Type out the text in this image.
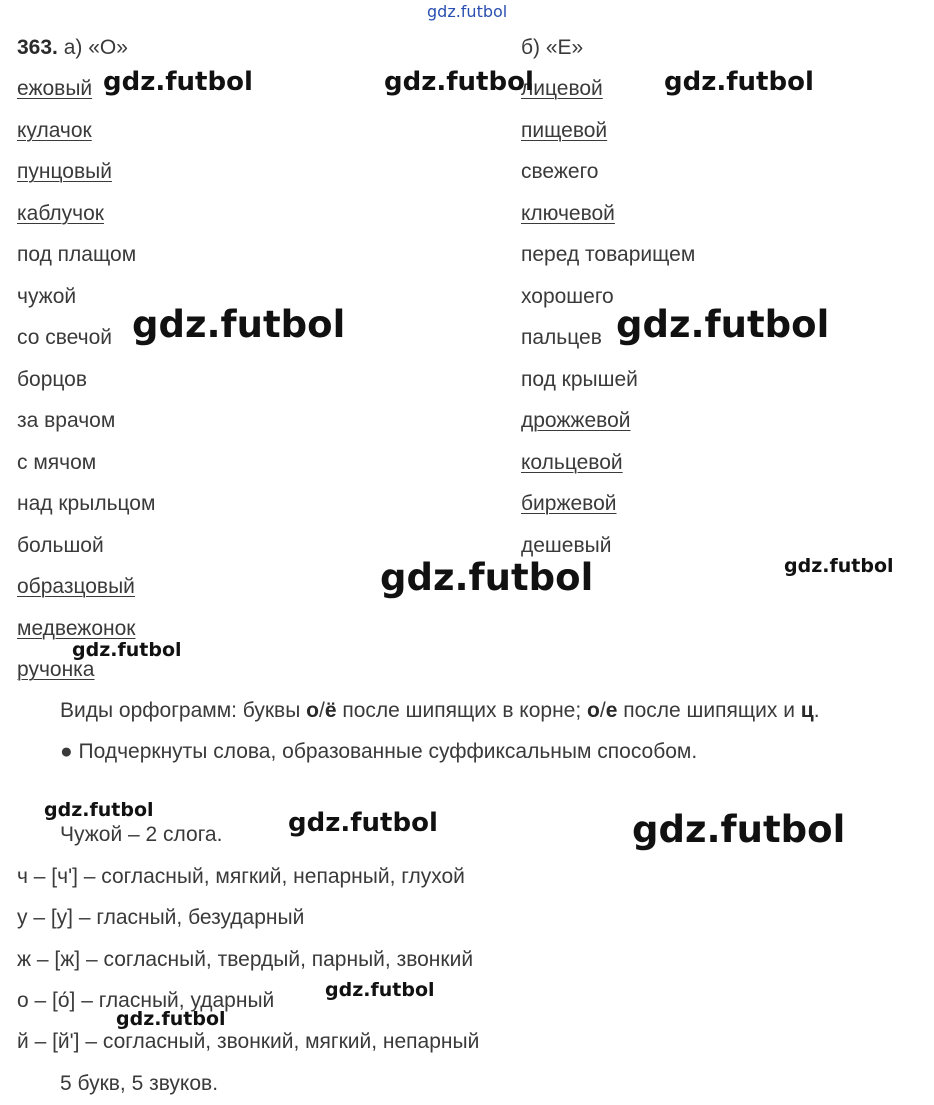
gdz.futbol
363. а) «О»	б) «Е»
ежовый
кулачок
пунцовый
каблучок
под плащом
чужой
со свечой
борцов
за врачом
с мячом
над крыльцом
большой
образцовый
медвежонок
ручонка
лицевой
пищевой
свежего
ключевой
перед товарищем
хорошего
пальцев
под крышей
дрожжевой
кольцевой
биржевой
дешевый
Виды орфограмм: буквы о/ё после шипящих в корне; о/е после шипящих и ц.
● Подчеркнуты слова, образованные суффиксальным способом.
Чужой – 2 слога.
ч – [ч'] – согласный, мягкий, непарный, глухой
у – [у] – гласный, безударный
ж – [ж] – согласный, твердый, парный, звонкий
о – [о́] – гласный, ударный
й – [й'] – согласный, звонкий, мягкий, непарный
5 букв, 5 звуков.
gdz.futbol	gdz.futbol	gdz.futbol
gdz.futbol	gdz.futbol
gdz.futbol	gdz.futbol
gdz.futbol
gdz.futbol	gdz.futbol	gdz.futbol
gdz.futbol
gdz.futbol
